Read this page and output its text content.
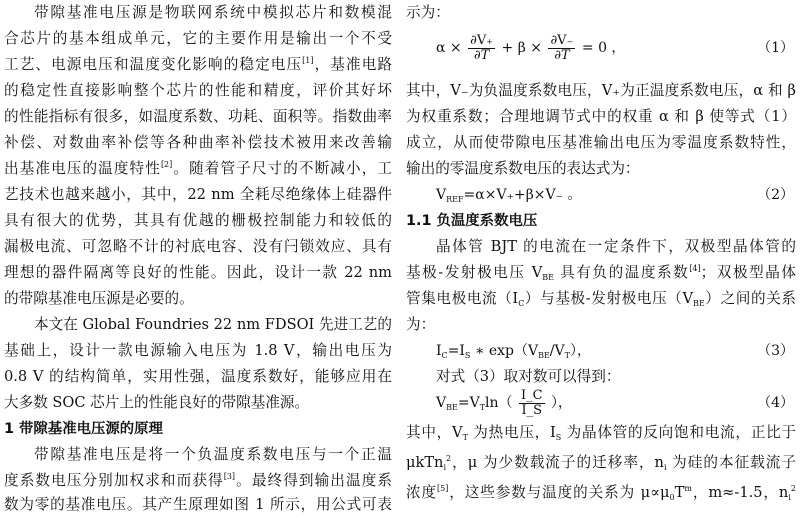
带隙基准电压源是物联网系统中模拟芯片和数模混
合芯片的基本组成单元，它的主要作用是输出一个不受
工艺、电源电压和温度变化影响的稳定电压[1]，基准电路
的稳定性直接影响整个芯片的性能和精度，评价其好坏
的性能指标有很多，如温度系数、功耗、面积等。指数曲率
补偿、对数曲率补偿等各种曲率补偿技术被用来改善输
出基准电压的温度特性[2]。随着管子尺寸的不断减小，工
艺技术也越来越小，其中，22 nm 全耗尽绝缘体上硅器件
具有很大的优势，其具有优越的栅极控制能力和较低的
漏极电流、可忽略不计的衬底电容、没有闩锁效应、具有
理想的器件隔离等良好的性能。因此，设计一款 22 nm
的带隙基准电压源是必要的。
本文在 Global Foundries 22 nm FDSOI 先进工艺的
基础上，设计一款电源输入电压为 1.8 V，输出电压为
0.8 V 的结构简单，实用性强，温度系数好，能够应用在
大多数 SOC 芯片上的性能良好的带隙基准源。
1 带隙基准电压源的原理
带隙基准电压是将一个负温度系数电压与一个正温
度系数电压分别加权求和而获得[3]。最终得到输出温度系
数为零的基准电压。其产生原理如图 1 所示，用公式可表
示为：
$\alpha \times \frac{\partial V_+}{\partial T} + \beta \times \frac{\partial V_-}{\partial T} = 0$ ，	（1）
其中，V₋为负温度系数电压，V₊为正温度系数电压，α 和 β
为权重系数；合理地调节式中的权重 α 和 β 使等式（1）
成立，从而使带隙电压基准输出电压为零温度系数特性，
输出的零温度系数电压的表达式为：
$V_{REF}=\alpha\times V_++\beta\times V_-$ 。	（2）
1.1 负温度系数电压
晶体管 BJT 的电流在一定条件下，双极型晶体管的
基极-发射极电压 $V_{BE}$ 具有负的温度系数[4]；双极型晶体
管集电极电流$(I_C)$与基极-发射极电压$(V_{BE})$之间的关系
为：
$I_C=I_S$ ∗ $\exp(V_{BE}/V_T)$，	（3）
对式（3）取对数可以得到：
$V_{BE}=V_T\ln( \frac{I\_C}{I\_S}$ ），	（4）
其中，$V_T$ 为热电压，$I_S$ 为晶体管的反向饱和电流，正比于
μkTn$_i^2$，μ 为少数载流子的迁移率，$n_i$ 为硅的本征载流子
浓度[5]，这些参数与温度的关系为 $\mu\propto\mu_0T^m$，m≈-1.5，$n_i^2$
